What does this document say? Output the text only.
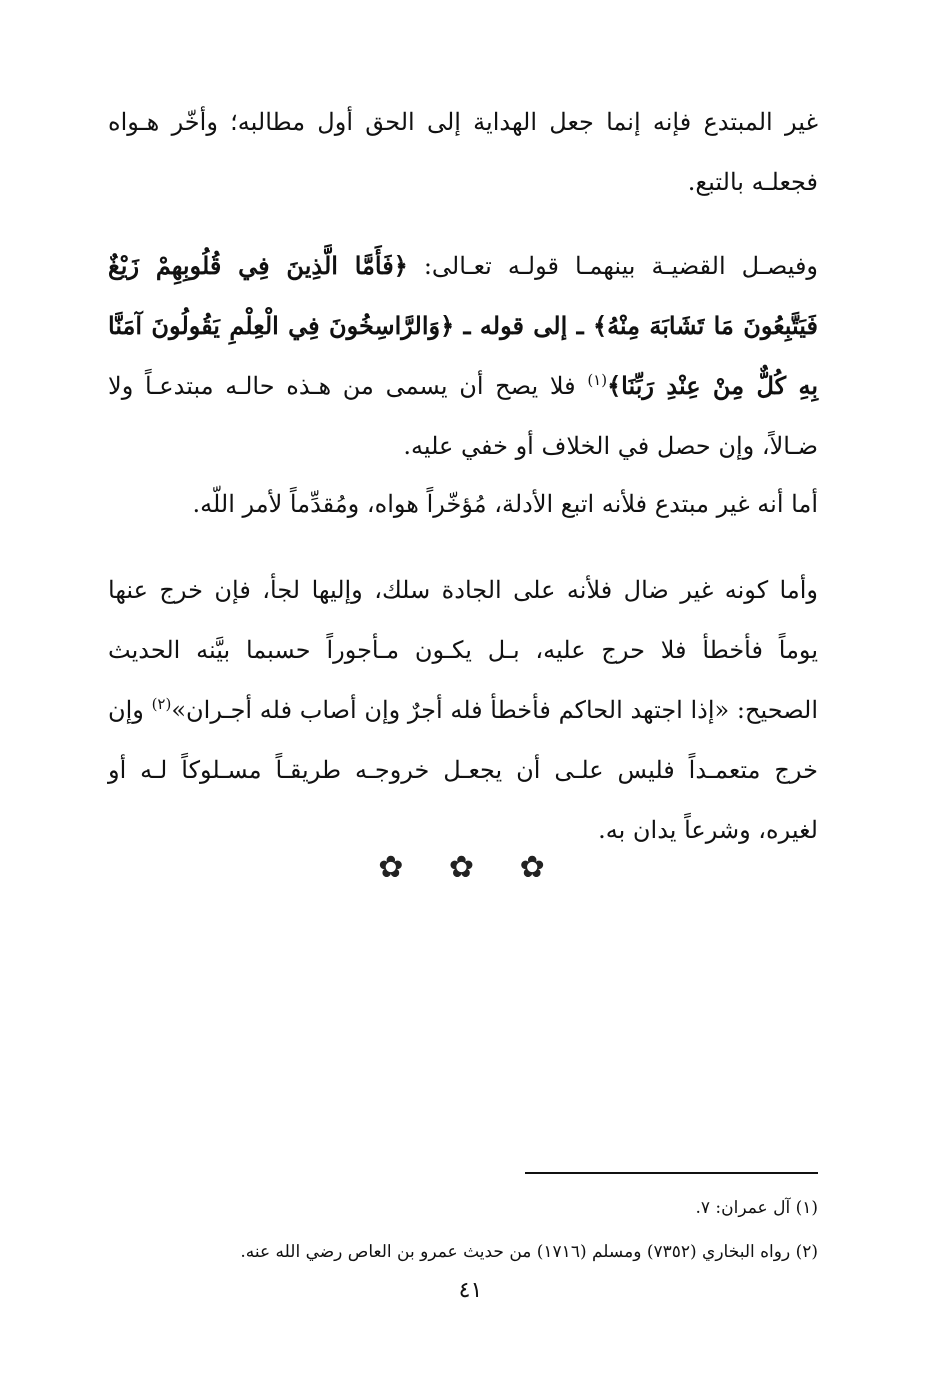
غير المبتدع فإنه إنما جعل الهداية إلى الحق أول مطالبه؛ وأخّر هـواه فجعلـه بالتبع.

وفيصـل القضيـة بينهمـا قولـه تعـالى: ﴿فَأَمَّا الَّذِينَ فِي قُلُوبِهِمْ زَيْغٌ فَيَتَّبِعُونَ مَا تَشَابَهَ مِنْهُ﴾ ـ إلى قوله ـ ﴿وَالرَّاسِخُونَ فِي الْعِلْمِ يَقُولُونَ آمَنَّا بِهِ كُلٌّ مِنْ عِنْدِ رَبِّنَا﴾$^{(١)}$ فلا يصح أن يسمى من هـذه حالـه مبتدعـاً ولا ضـالاً، وإن حصل في الخلاف أو خفي عليه.

أما أنه غير مبتدع فلأنه اتبع الأدلة، مُؤخّراً هواه، ومُقدِّماً لأمر اللّه.

وأما كونه غير ضال فلأنه على الجادة سلك، وإليها لجأ، فإن خرج عنها يوماً فأخطأ فلا حرج عليه، بـل يكـون مـأجوراً حسبما بيَّنه الحديث الصحيح: «إذا اجتهد الحاكم فأخطأ فله أجرٌ وإن أصاب فله أجـران»$^{(٢)}$ وإن خرج متعمـداً فليس علـى أن يجعـل خروجـه طريقـاً مسـلوكاً لـه أو لغيره، وشرعاً يدان به.

✿ ✿ ✿
(١) آل عمران: ٧.
(٢) رواه البخاري (٧٣٥٢) ومسلم (١٧١٦) من حديث عمرو بن العاص رضي الله عنه.
٤١
